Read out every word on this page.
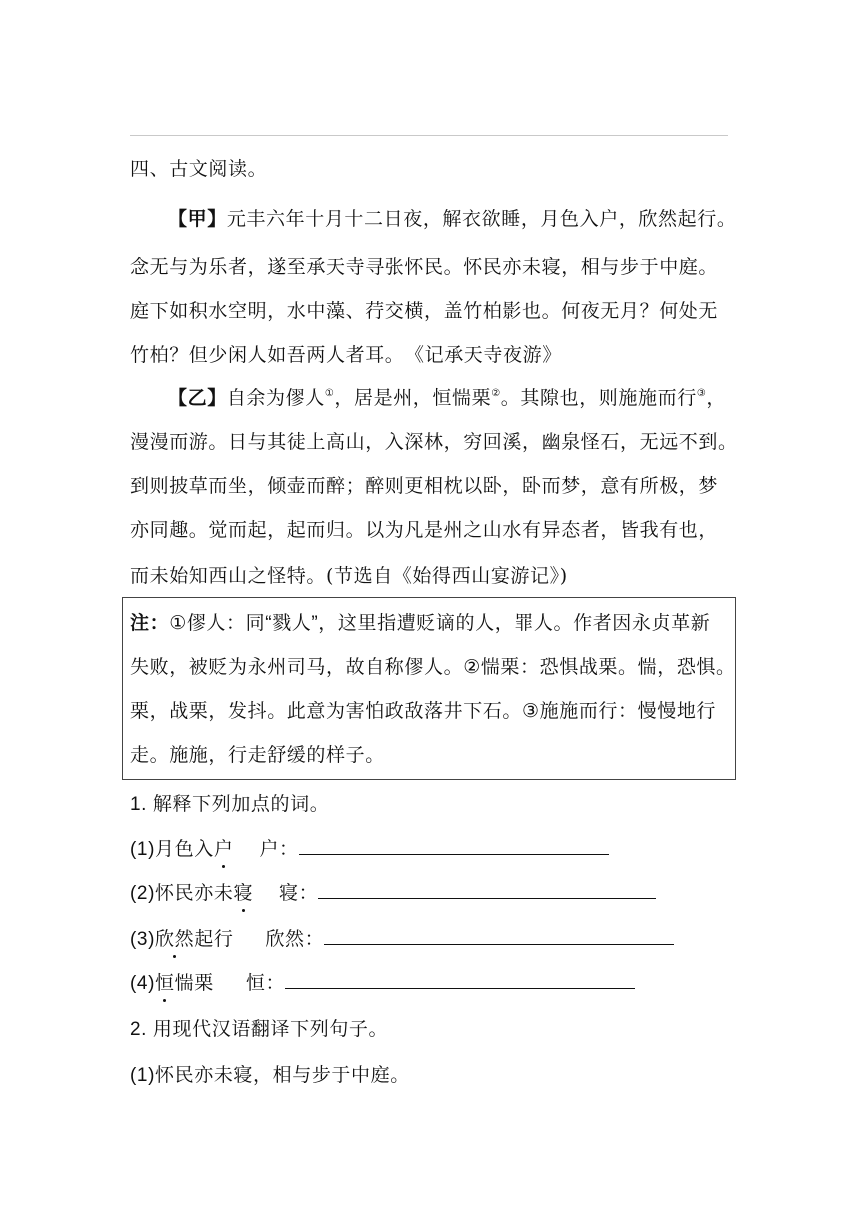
四、古文阅读。
【甲】元丰六年十月十二日夜，解衣欲睡，月色入户，欣然起行。
念无与为乐者，遂至承天寺寻张怀民。怀民亦未寝，相与步于中庭。
庭下如积水空明，水中藻、荇交横，盖竹柏影也。何夜无月？何处无
竹柏？但少闲人如吾两人者耳。　《记承天寺夜游》
【乙】自余为僇人①，居是州，恒惴栗②。其隙也，则施施而行③，
漫漫而游。日与其徒上高山，入深林，穷回溪，幽泉怪石，无远不到。
到则披草而坐，倾壶而醉；醉则更相枕以卧，卧而梦，意有所极，梦
亦同趣。觉而起，起而归。以为凡是州之山水有异态者，皆我有也，
而未始知西山之怪特。(节选自《始得西山宴游记》)
注：①僇人：同“戮人”，这里指遭贬谪的人，罪人。作者因永贞革新
失败，被贬为永州司马，故自称僇人。②惴栗：恐惧战栗。惴，恐惧。
栗，战栗，发抖。此意为害怕政敌落井下石。③施施而行：慢慢地行
走。施施，行走舒缓的样子。
1. 解释下列加点的词。
(1)月色入户 户：
(2)怀民亦未寝 寝：
(3)欣然起行 欣然：
(4)恒惴栗 恒：
2. 用现代汉语翻译下列句子。
(1)怀民亦未寝，相与步于中庭。
